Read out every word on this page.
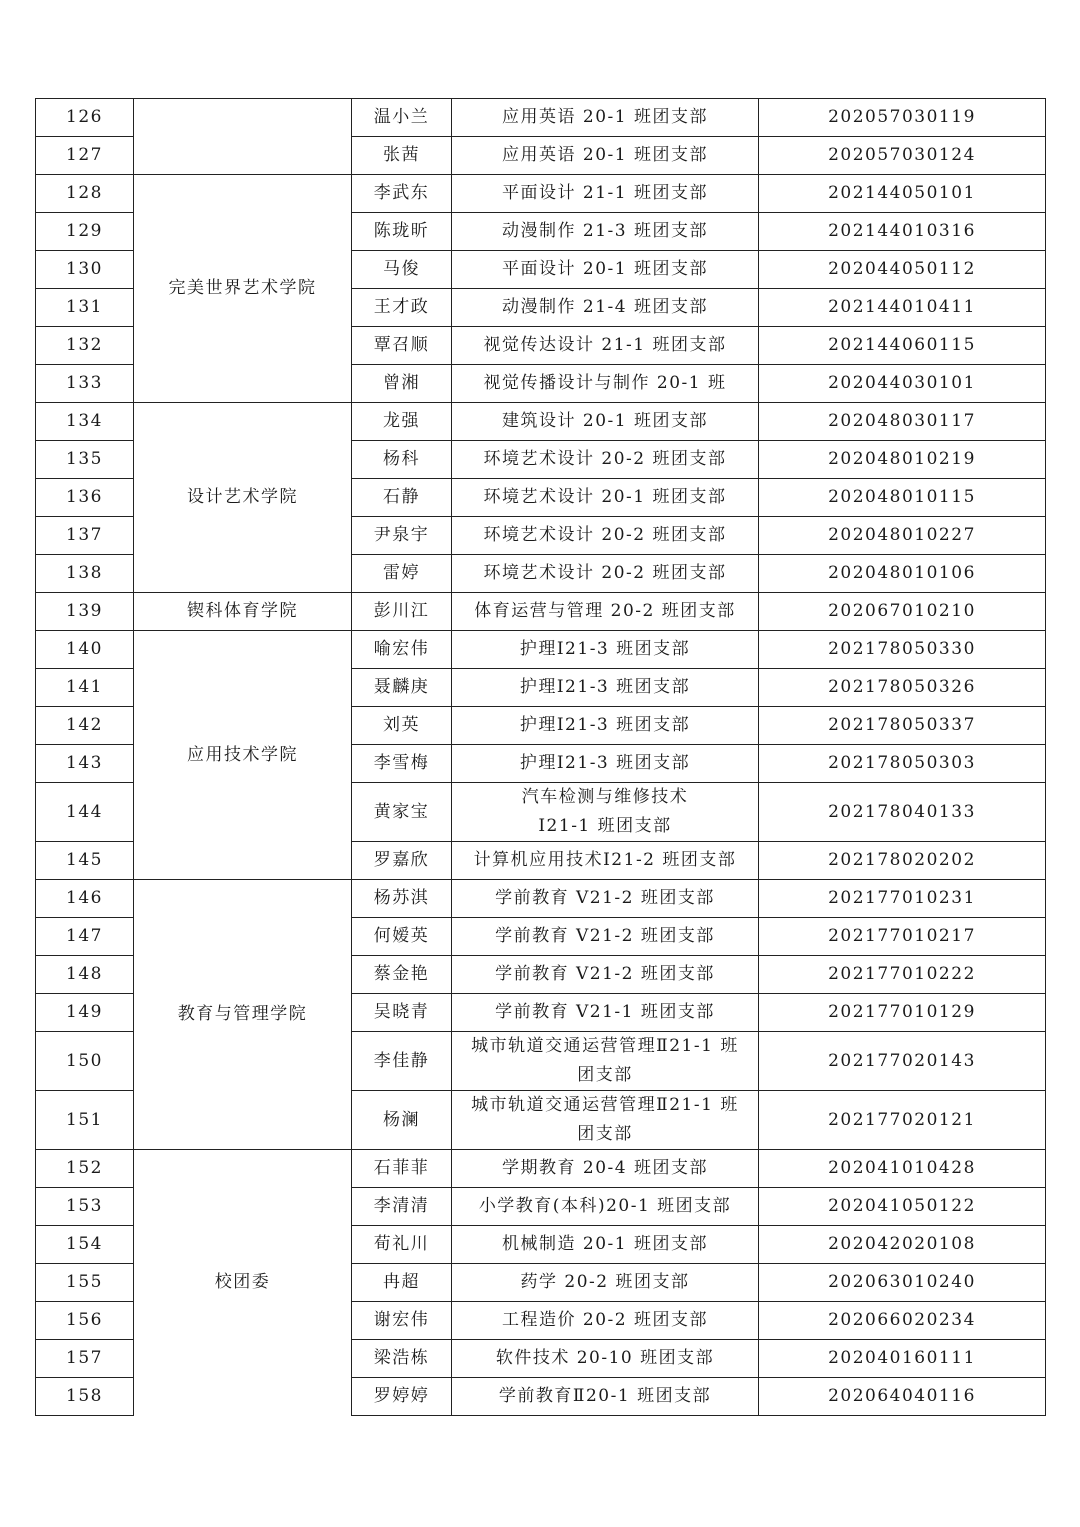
126		温小兰	应用英语 20-1 班团支部	202057030119
127		张茜	应用英语 20-1 班团支部	202057030124
128	完美世界艺术学院	李武东	平面设计 21-1 班团支部	202144050101
129		陈珑昕	动漫制作 21-3 班团支部	202144010316
130		马俊	平面设计 20-1 班团支部	202044050112
131		王才政	动漫制作 21-4 班团支部	202144010411
132		覃召顺	视觉传达设计 21-1 班团支部	202144060115
133		曾湘	视觉传播设计与制作 20-1 班	202044030101
134	设计艺术学院	龙强	建筑设计 20-1 班团支部	202048030117
135		杨科	环境艺术设计 20-2 班团支部	202048010219
136		石静	环境艺术设计 20-1 班团支部	202048010115
137		尹泉宇	环境艺术设计 20-2 班团支部	202048010227
138		雷婷	环境艺术设计 20-2 班团支部	202048010106
139	锲科体育学院	彭川江	体育运营与管理 20-2 班团支部	202067010210
140	应用技术学院	喻宏伟	护理Ⅰ21-3 班团支部	202178050330
141		聂麟庚	护理Ⅰ21-3 班团支部	202178050326
142		刘英	护理Ⅰ21-3 班团支部	202178050337
143		李雪梅	护理Ⅰ21-3 班团支部	202178050303
144		黄家宝	汽车检测与维修技术
Ⅰ21-1 班团支部	202178040133
145		罗嘉欣	计算机应用技术Ⅰ21-2 班团支部	202178020202
146	教育与管理学院	杨苏淇	学前教育 V21-2 班团支部	202177010231
147		何嫒英	学前教育 V21-2 班团支部	202177010217
148		蔡金艳	学前教育 V21-2 班团支部	202177010222
149		吴晓青	学前教育 V21-1 班团支部	202177010129
150		李佳静	城市轨道交通运营管理Ⅱ21-1 班
团支部	202177020143
151		杨澜	城市轨道交通运营管理Ⅱ21-1 班
团支部	202177020121
152	校团委	石菲菲	学期教育 20-4 班团支部	202041010428
153		李清清	小学教育(本科)20-1 班团支部	202041050122
154		荀礼川	机械制造 20-1 班团支部	202042020108
155		冉超	药学 20-2 班团支部	202063010240
156		谢宏伟	工程造价 20-2 班团支部	202066020234
157		梁浩栋	软件技术 20-10 班团支部	202040160111
158		罗婷婷	学前教育Ⅱ20-1 班团支部	202064040116
